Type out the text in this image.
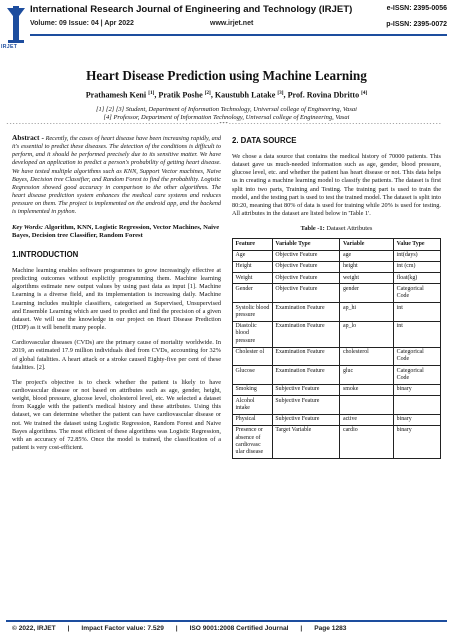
IRJET
International Research Journal of Engineering and Technology (IRJET)	e-ISSN: 2395-0056
Volume: 09 Issue: 04 | Apr 2022	www.irjet.net	p-ISSN: 2395-0072
Heart Disease Prediction using Machine Learning
Prathamesh Keni [1], Pratik Poshe [2], Kaustubh Latake [3], Prof. Rovina Dbritto [4]
[1] [2] [3] Student, Department of Information Technology, Universal college of Engineering, Vasai
[4] Professor, Department of Information Technology, Universal college of Engineering, Vasai
---------------------------------------------------------------------***---------------------------------------------------------------------

Abstract - Recently, the cases of heart disease have been increasing rapidly, and it's essential to predict these diseases. The detection of the conditions is difficult to perform, and it should be performed precisely due to its sensitive matter. We have developed an application to predict a person's probability of getting heart disease. We have tested multiple algorithms such as KNN, Support Vector machines, Naive Bayes, Decision tree Classifier, and Random Forest to find the probability. Logistic Regression showed good accuracy in comparison to the other algorithms. The heart disease prediction system enhances the medical care systems and reduces pressure on them. The project is implemented on the android app, and the backend is implemented in python.

Key Words: Algorithm, KNN, Logistic Regression, Vector Machines, Naive Bayes, Decision tree Classifier, Random Forest

1.INTRODUCTION

Machine learning enables software programmes to grow increasingly effective at predicting outcomes without explicitly programming them. Machine learning algorithms estimate new output values by using past data as input [1]. Machine Learning is a diverse field, and its implementation is increasing daily. Machine Learning includes multiple classifiers, categorised as Supervised, Unsupervised and Ensemble Learning which are used to predict and find the precision of a given dataset. We will use the knowledge in our project on Heart Disease Prediction (HDP) as it will benefit many people.

Cardiovascular diseases (CVDs) are the primary cause of mortality worldwide. In 2019, an estimated 17.9 million individuals died from CVDs, accounting for 32% of global fatalities. A heart attack or a stroke caused Eighty-five per cent of these fatalities. [2].

The project's objective is to check whether the patient is likely to have cardiovascular disease or not based on attributes such as age, gender, height, weight, blood pressure, glucose level, cholesterol level, etc. We selected a dataset from Kaggle with the patient's medical history and these attributes. Using this dataset, we can determine whether the patient can have cardiovascular disease or not. We trained the dataset using Logistic Regression, Random Forest and Naive Bayes algorithms. The most efficient of these algorithms was Logistic Regression, with an accuracy of 72.85%. Once the model is trained, the classification of a patient is very cost-efficient.

2. DATA SOURCE

We chose a data source that contains the medical history of 70000 patients. This dataset gave us much-needed information such as age, gender, blood pressure, glucose level, etc. and whether the patient has heart disease or not. This data helps us in creating a machine learning model to classify the patients. The dataset is first split into two parts, Training and Testing. The training part is used to train the model, and the testing part is used to test the trained model. The dataset is split into 80:20, meaning that 80% of data is used for training while 20% is used for testing. All attributes in the dataset are listed below in 'Table 1'.

Table -1: Dataset Attributes
Feature	Variable Type	Variable	Value Type
Age	Objective Feature	age	int(days)
Height	Objective Feature	height	int (cm)
Weight	Objective Feature	weight	float(kg)
Gender	Objective Feature	gender	Categorical Code
Systolic blood pressure	Examination Feature	ap_hi	int
Diastolic blood pressure	Examination Feature	ap_lo	int
Cholester ol	Examination Feature	cholesterol	Categorical Code
Glucose	Examination Feature	gluc	Categorical Code
Smoking	Subjective Feature	smoke	binary
Alcohol intake	Subjective Feature		
Physical	Subjective Feature	active	binary
Presence or absence of cardiovasc ular disease	Target Variable	cardio	binary
© 2022, IRJET | Impact Factor value: 7.529 | ISO 9001:2008 Certified Journal | Page 1283
